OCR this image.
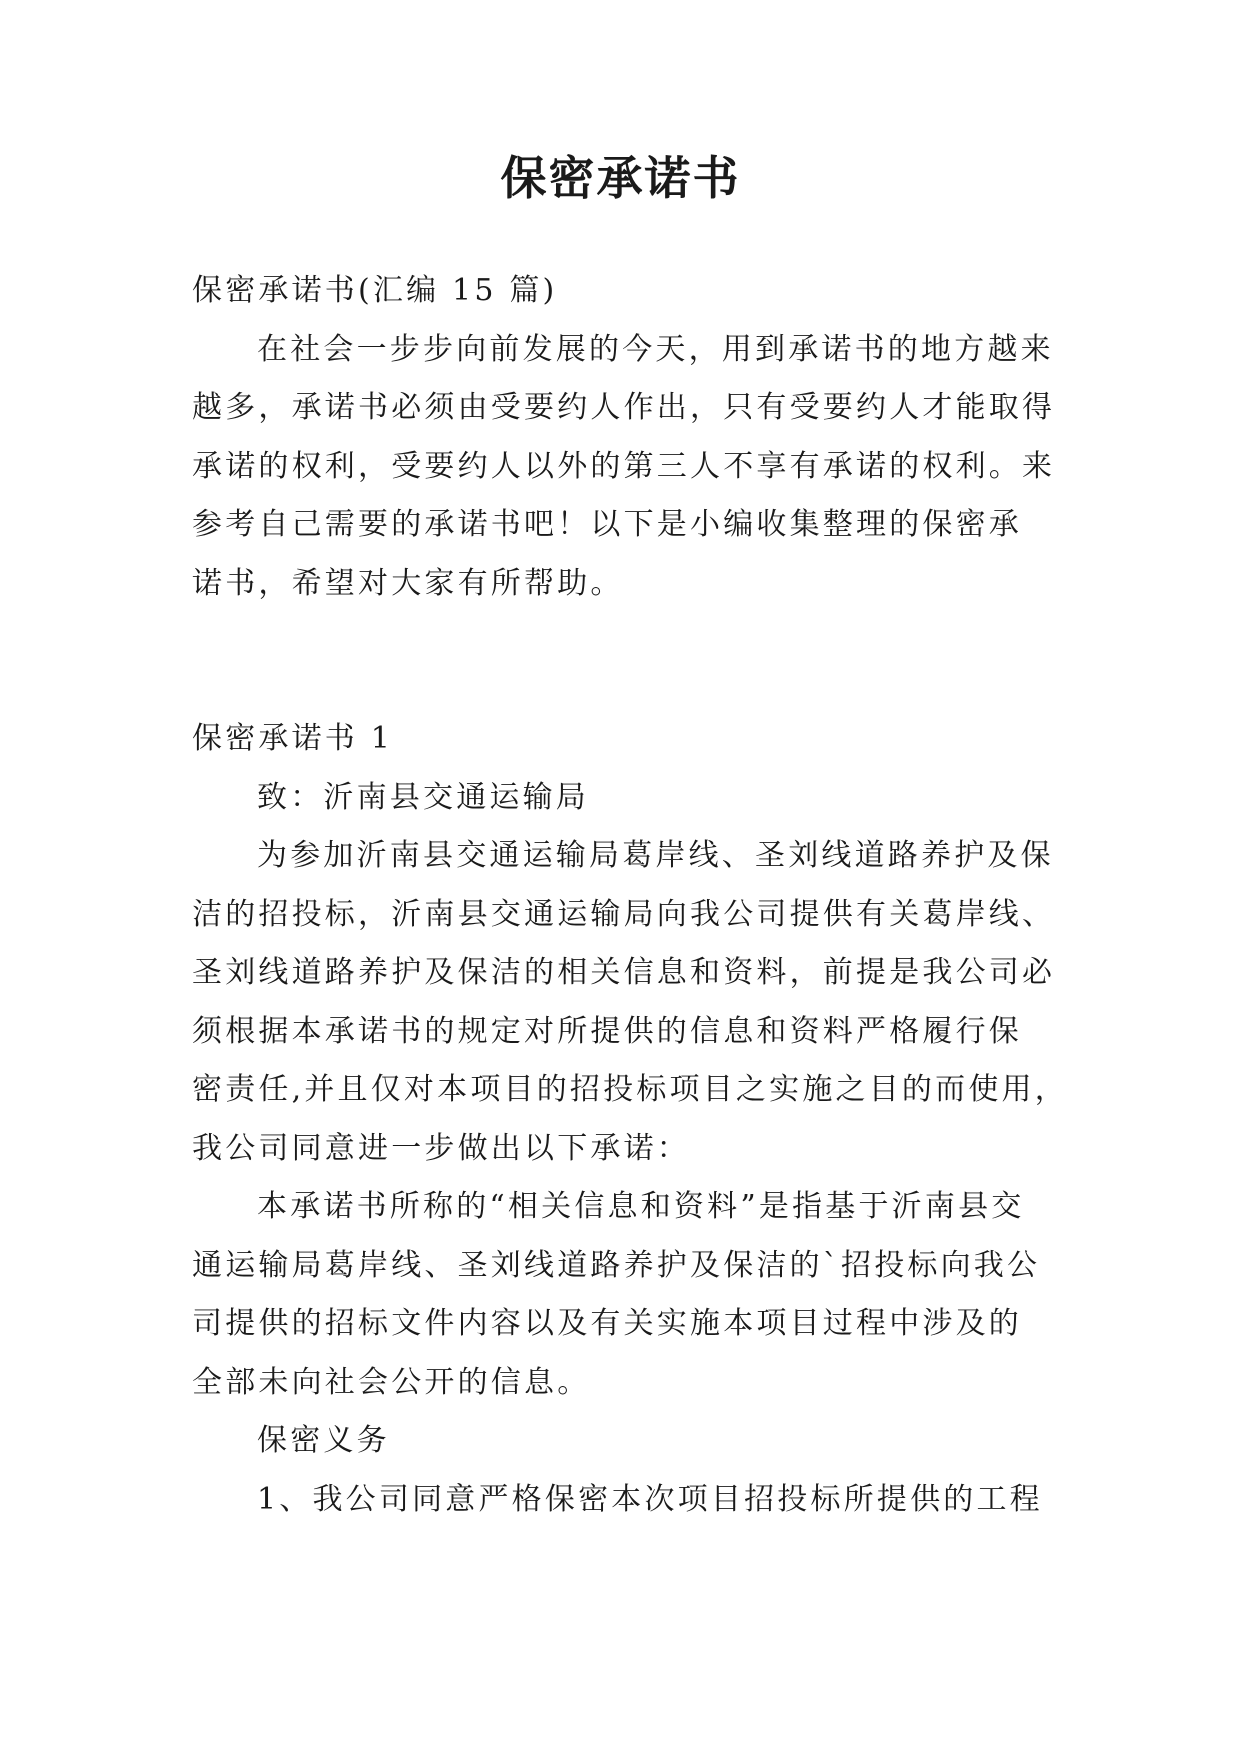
保密承诺书
保密承诺书(汇编 15 篇)
在社会一步步向前发展的今天，用到承诺书的地方越来
越多，承诺书必须由受要约人作出，只有受要约人才能取得
承诺的权利，受要约人以外的第三人不享有承诺的权利。来
参考自己需要的承诺书吧！以下是小编收集整理的保密承
诺书，希望对大家有所帮助。
保密承诺书 1
致：沂南县交通运输局
为参加沂南县交通运输局葛岸线、圣刘线道路养护及保
洁的招投标，沂南县交通运输局向我公司提供有关葛岸线、
圣刘线道路养护及保洁的相关信息和资料，前提是我公司必
须根据本承诺书的规定对所提供的信息和资料严格履行保
密责任,并且仅对本项目的招投标项目之实施之目的而使用，
我公司同意进一步做出以下承诺：
本承诺书所称的“相关信息和资料”是指基于沂南县交
通运输局葛岸线、圣刘线道路养护及保洁的`招投标向我公
司提供的招标文件内容以及有关实施本项目过程中涉及的
全部未向社会公开的信息。
保密义务
1、我公司同意严格保密本次项目招投标所提供的工程
